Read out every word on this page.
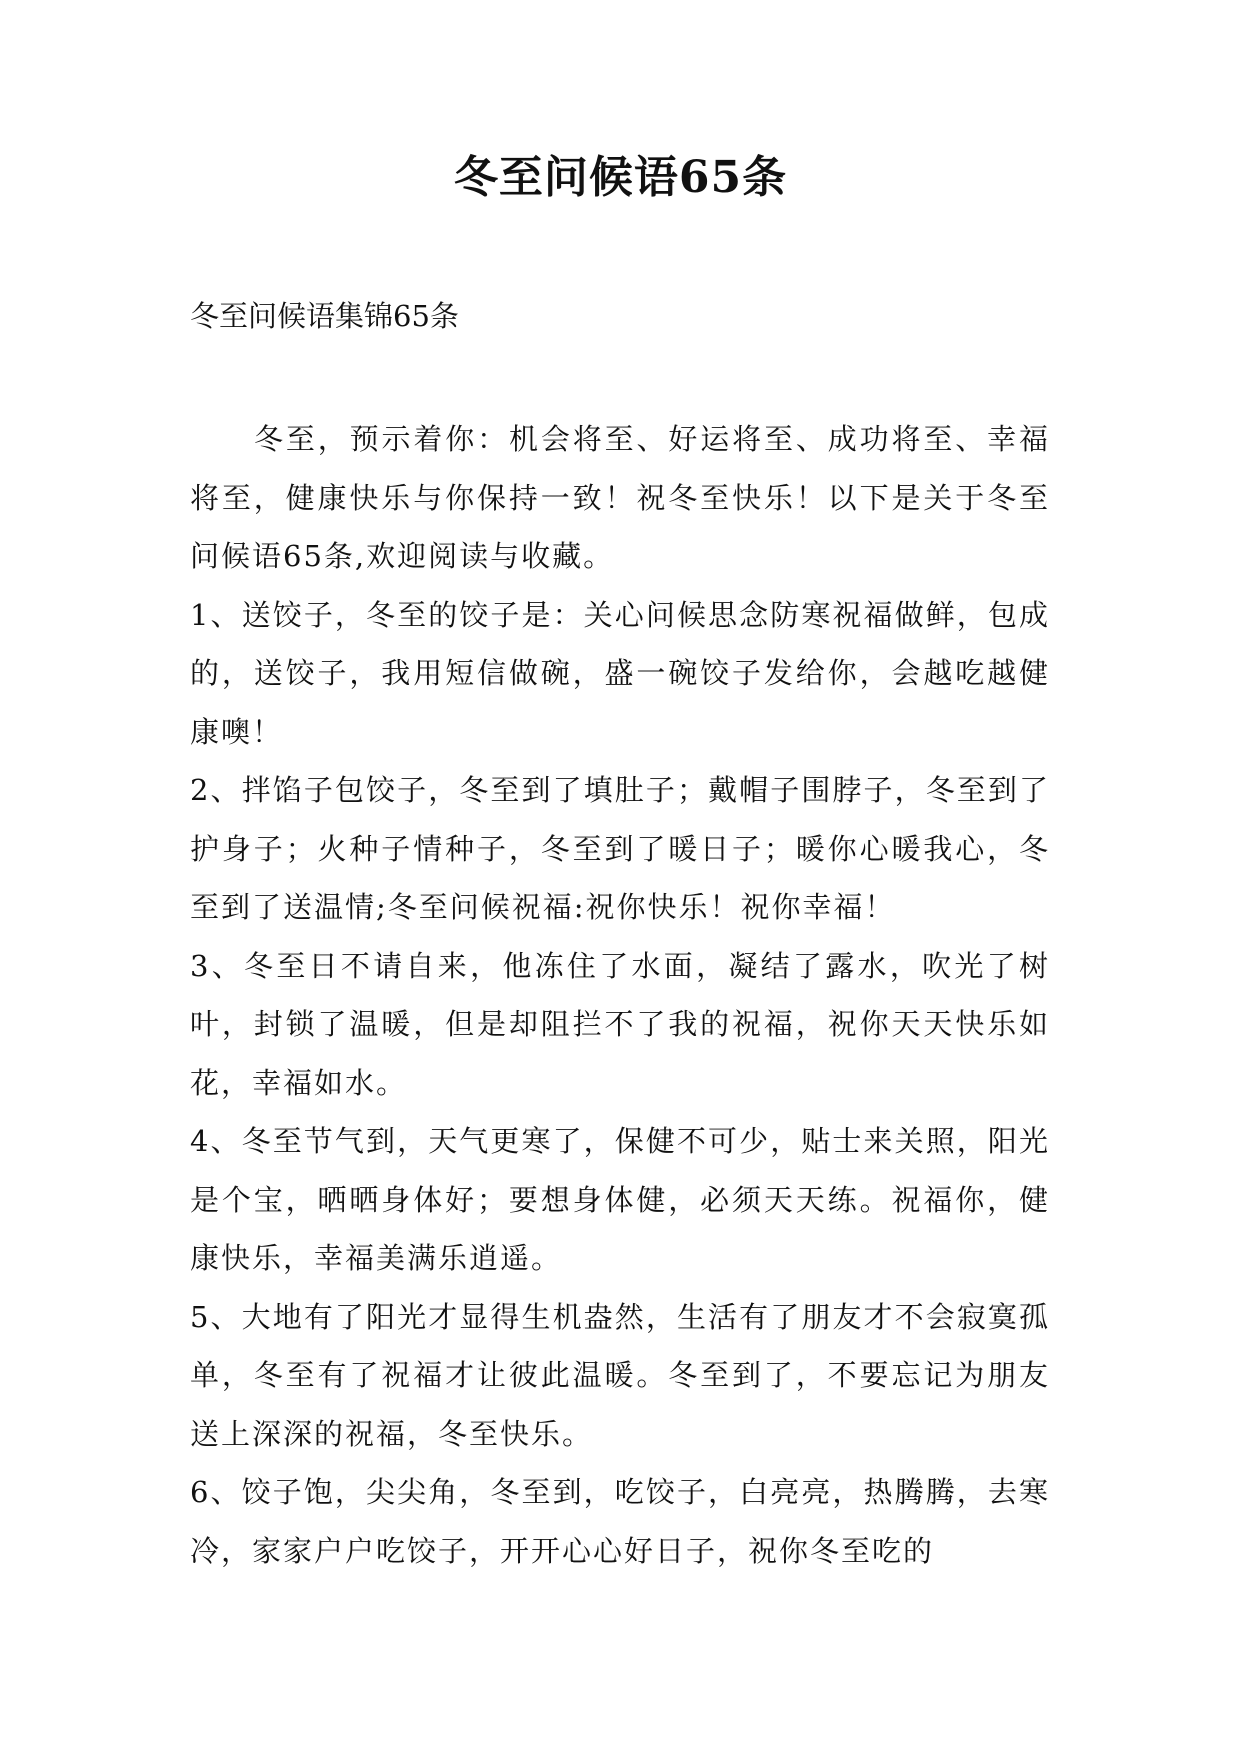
冬至问候语65条

冬至问候语集锦65条

冬至，预示着你：机会将至、好运将至、成功将至、幸福将至，健康快乐与你保持一致！祝冬至快乐！以下是关于冬至问候语65条,欢迎阅读与收藏。

1、送饺子，冬至的饺子是：关心问候思念防寒祝福做鲜，包成的，送饺子，我用短信做碗，盛一碗饺子发给你，会越吃越健康噢！

2、拌馅子包饺子，冬至到了填肚子；戴帽子围脖子，冬至到了护身子；火种子情种子，冬至到了暖日子；暖你心暖我心，冬至到了送温情;冬至问候祝福:祝你快乐！祝你幸福！

3、冬至日不请自来，他冻住了水面，凝结了露水，吹光了树叶，封锁了温暖，但是却阻拦不了我的祝福，祝你天天快乐如花，幸福如水。

4、冬至节气到，天气更寒了，保健不可少，贴士来关照，阳光是个宝，晒晒身体好；要想身体健，必须天天练。祝福你，健康快乐，幸福美满乐逍遥。

5、大地有了阳光才显得生机盎然，生活有了朋友才不会寂寞孤单，冬至有了祝福才让彼此温暖。冬至到了，不要忘记为朋友送上深深的祝福，冬至快乐。

6、饺子饱，尖尖角，冬至到，吃饺子，白亮亮，热腾腾，去寒冷，家家户户吃饺子，开开心心好日子，祝你冬至吃的
